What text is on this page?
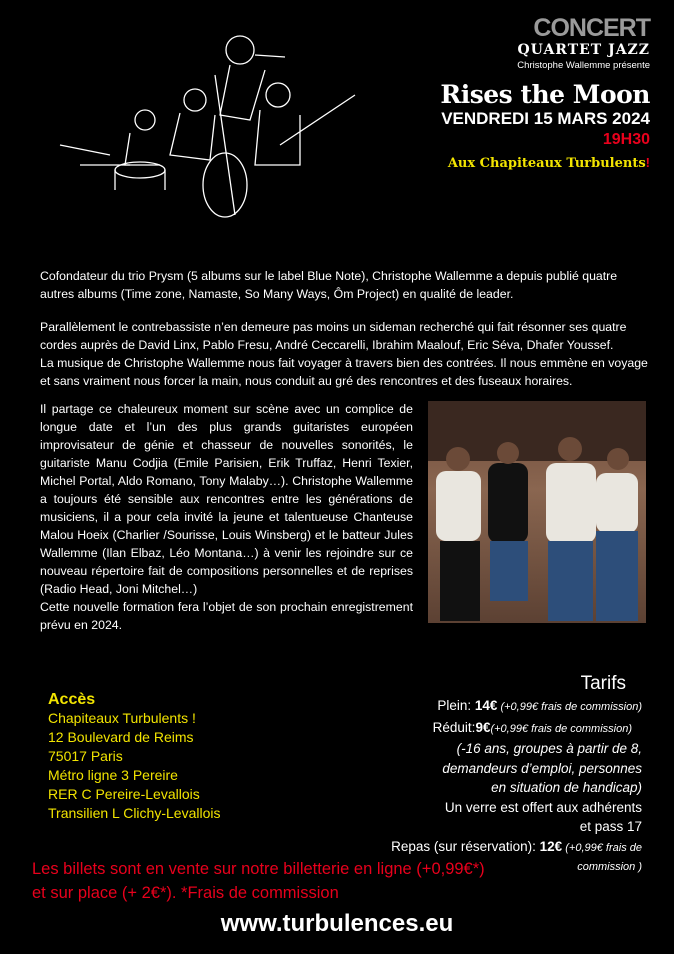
CONCERT
QUARTET JAZZ
Christophe Wallemme présente
Rises the Moon
VENDREDI 15 MARS 2024
19H30
Aux Chapiteaux Turbulents!
Cofondateur du trio Prysm (5 albums sur le label Blue Note), Christophe Wallemme a depuis publié quatre autres albums (Time zone, Namaste, So Many Ways, Ôm Project) en qualité de leader.
Parallèlement le contrebassiste n’en demeure pas moins un sideman recherché qui fait résonner ses quatre cordes auprès de David Linx, Pablo Fresu, André Ceccarelli, Ibrahim Maalouf, Eric Séva, Dhafer Youssef.
La musique de Christophe Wallemme nous fait voyager à travers bien des contrées. Il nous emmène en voyage et sans vraiment nous forcer la main, nous conduit au gré des rencontres et des fuseaux horaires.
Il partage ce chaleureux moment sur scène avec un complice de longue date et l’un des plus grands guitaristes européen improvisateur de génie et chasseur de nouvelles sonorités, le guitariste Manu Codjia (Emile Parisien, Erik Truffaz, Henri Texier, Michel Portal, Aldo Romano, Tony Malaby…). Christophe Wallemme a toujours été sensible aux rencontres entre les générations de musiciens, il a pour cela invité la jeune et talentueuse Chanteuse Malou Hoeix (Charlier /Sourisse, Louis Winsberg) et le batteur Jules Wallemme (Ilan Elbaz, Léo Montana…) à venir les rejoindre sur ce nouveau répertoire fait de compositions personnelles et de reprises (Radio Head, Joni Mitchel…)
Cette nouvelle formation fera l’objet de son prochain enregistrement prévu en 2024.
Accès
Chapiteaux Turbulents !
12 Boulevard de Reims
75017 Paris
Métro ligne 3 Pereire
RER C Pereire-Levallois
Transilien L Clichy-Levallois
Tarifs
Plein: 14€ (+0,99€ frais de commission)
Réduit:9€(+0,99€ frais de commission)
(-16 ans, groupes à partir de 8,
demandeurs d’emploi, personnes
en situation de handicap)
Un verre est offert aux adhérents
et pass 17
Repas (sur réservation): 12€ (+0,99€ frais de
commission )
Les billets sont en vente sur notre billetterie en ligne (+0,99€*)
et sur place (+ 2€*). *Frais de commission
www.turbulences.eu
